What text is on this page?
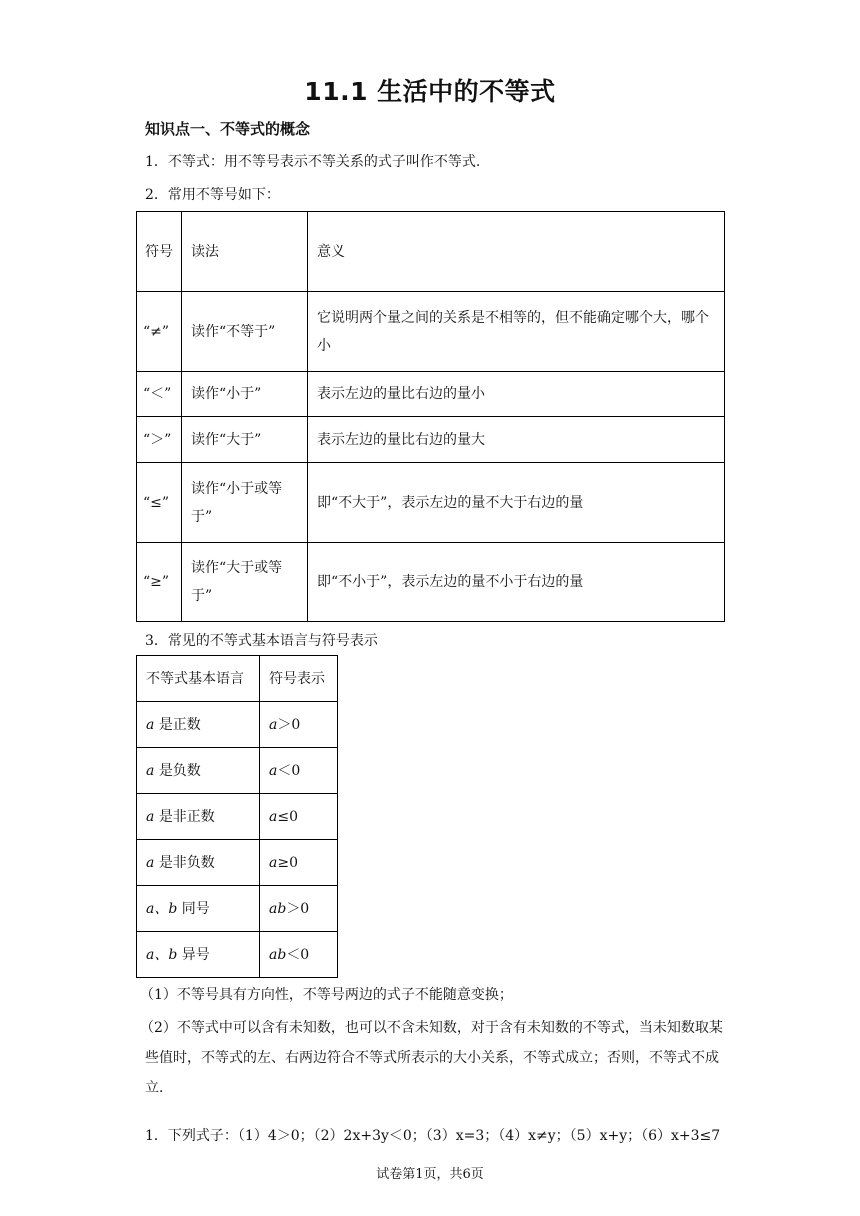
11.1 生活中的不等式
知识点一、不等式的概念
1．不等式：用不等号表示不等关系的式子叫作不等式.
2．常用不等号如下：
符号	读法	意义
“≠”	读作“不等于”	它说明两个量之间的关系是不相等的，但不能确定哪个大，哪个小
“＜”	读作“小于”	表示左边的量比右边的量小
“＞”	读作“大于”	表示左边的量比右边的量大
“≤”	读作“小于或等于”	即“不大于”，表示左边的量不大于右边的量
“≥”	读作“大于或等于”	即“不小于”，表示左边的量不小于右边的量
3．常见的不等式基本语言与符号表示
不等式基本语言	符号表示
a 是正数	a＞0
a 是负数	a＜0
a 是非正数	a≤0
a 是非负数	a≥0
a、b 同号	ab＞0
a、b 异号	ab＜0
（1）不等号具有方向性，不等号两边的式子不能随意变换；
（2）不等式中可以含有未知数，也可以不含未知数，对于含有未知数的不等式，当未知数取某些值时，不等式的左、右两边符合不等式所表示的大小关系，不等式成立；否则，不等式不成立.
1．下列式子：（1）4＞0；（2）2x+3y＜0；（3）x=3；（4）x≠y；（5）x+y；（6）x+3≤7
试卷第1页，共6页
